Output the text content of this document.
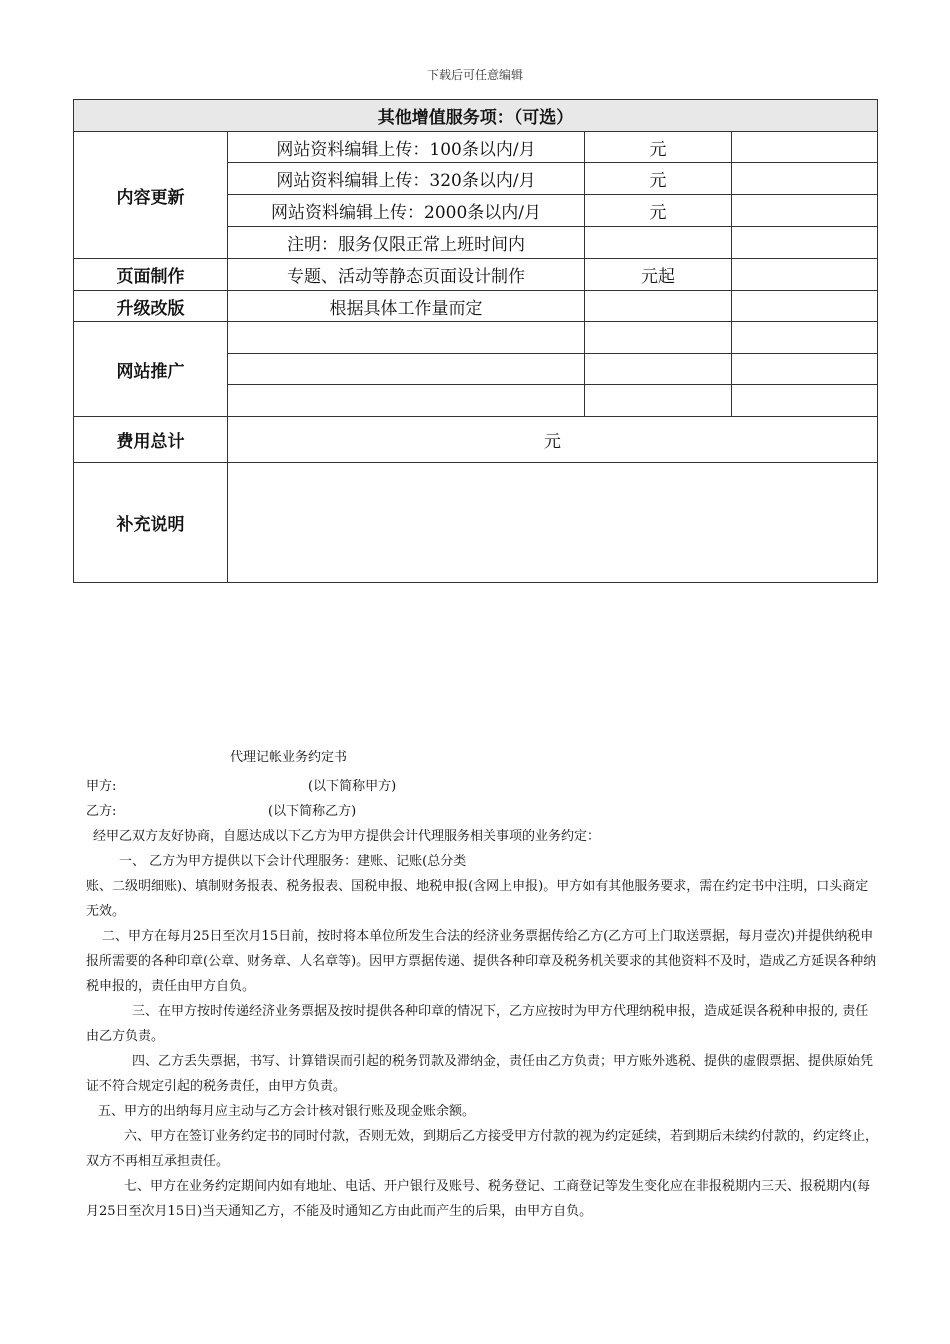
下载后可任意编辑
其他增值服务项：（可选）			
内容更新	网站资料编辑上传：100条以内/月	元	
	网站资料编辑上传：320条以内/月	元	
	网站资料编辑上传：2000条以内/月	元	
	注明：服务仅限正常上班时间内		
页面制作	专题、活动等静态页面设计制作	元起	
升级改版	根据具体工作量而定		
网站推广			

费用总计	元		
补充说明			

代理记帐业务约定书

甲方:	(以下简称甲方)

乙方:	(以下简称乙方)

经甲乙双方友好协商，自愿达成以下乙方为甲方提供会计代理服务相关事项的业务约定：

一、 乙方为甲方提供以下会计代理服务：建账、记账(总分类

账、二级明细账)、填制财务报表、税务报表、国税申报、地税申报(含网上申报)。甲方如有其他服务要求，需在约定书中注明，口头商定无效。

二、甲方在每月25日至次月15日前，按时将本单位所发生合法的经济业务票据传给乙方(乙方可上门取送票据，每月壹次)并提供纳税申报所需要的各种印章(公章、财务章、人名章等)。因甲方票据传递、提供各种印章及税务机关要求的其他资料不及时，造成乙方延误各种纳税申报的，责任由甲方自负。

三、在甲方按时传递经济业务票据及按时提供各种印章的情况下，乙方应按时为甲方代理纳税申报，造成延误各税种申报的, 责任由乙方负责。

四、乙方丢失票据，书写、计算错误而引起的税务罚款及滞纳金，责任由乙方负责；甲方账外逃税、提供的虚假票据、提供原始凭证不符合规定引起的税务责任，由甲方负责。

五、甲方的出纳每月应主动与乙方会计核对银行账及现金账余额。

六、甲方在签订业务约定书的同时付款，否则无效，到期后乙方接受甲方付款的视为约定延续，若到期后未续约付款的，约定终止，双方不再相互承担责任。

七、甲方在业务约定期间内如有地址、电话、开户银行及账号、税务登记、工商登记等发生变化应在非报税期内三天、报税期内(每月25日至次月15日)当天通知乙方，不能及时通知乙方由此而产生的后果，由甲方自负。
